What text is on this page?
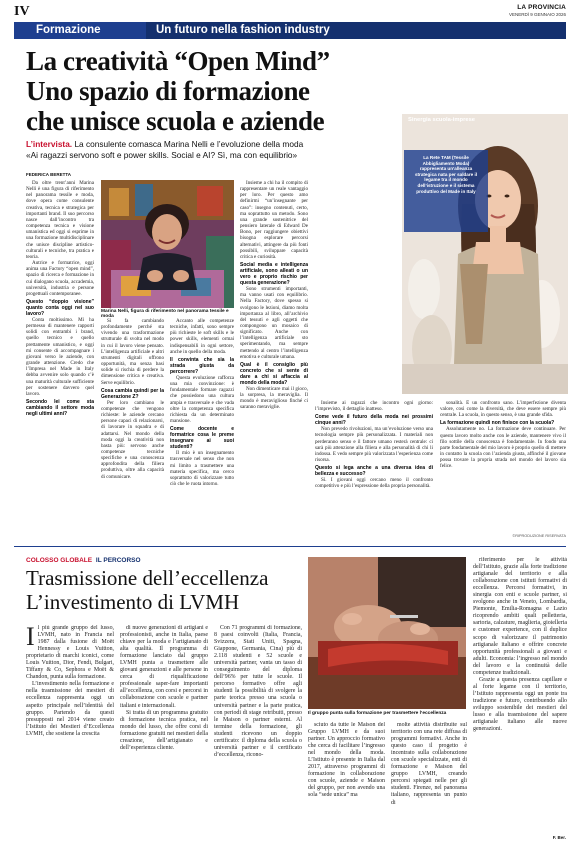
IV	LA PROVINCIA
VENERDÌ 9 GENNAIO 2026
Formazione	Un futuro nella fashion industry
La creatività “Open Mind”
Uno spazio di formazione
che unisce scuola e aziende
L’intervista. La consulente comasca Marina Nelli e l’evoluzione della moda
«Ai ragazzi servono soft e power skills. Social e AI? Sì, ma con equilibrio»
Sinergia scuola-imprese
La Rete TAM (Tessile Abbigliamento Moda) rappresenta un’alleanza strategica nata per saldare il legame tra il mondo dell’istruzione e il sistema produttivo del Made in Italy
FEDERICA BERETTA

Da oltre trent’anni Marina Nelli è una figura di riferimento nel panorama tessile e moda, dove opera come consulente creativa, tecnica e strategica per importanti brand. Il suo percorso nasce dall’incontro tra competenza tecnica e visione umanistica ed oggi si esprime in una formazione multidisciplinare che unisce discipline artistico-culturali e tecniche, tra pratica e teoria.

Autrice e formatrice, oggi anima una Factory “open mind”, spazio di ricerca e formazione in cui dialogano scuola, accademia, università, industria e persone progettuali contemporanee.

Questo “doppio visione” quanto conta oggi nel suo lavoro?

Conta moltissimo. Mi ha permesso di mantenere rapporti solidi con entrambi i brand, quello tecnico e quello prettamente umanistico, e oggi mi consente di accompagnare i giovani verso le aziende, con grande attenzione. Credo che l’Impresa nel Made in Italy debba avvenire solo quando c’è una maturità culturale sufficiente per sostenere davvero quel lavoro.

Secondo lei come sta cambiando il settore moda negli ultimi anni?

Marina Nelli, figura di riferimento nel panorama tessile e moda

Si fa cambiando profondamente perché sta vivendo una trasformazione strutturale di svolta nel modo in cui il lavoro viene pensato. L’intelligenza artificiale e altri strumenti digitali offrono opportunità, ma senza basi solide si rischia di perdere la dimensione critica e creativa. Serve equilibrio.

Cosa cambia quindi per la Generazione Z?

Per loro cambiano le competenze che vengono richieste: le aziende cercano persone capaci di relazionarsi, di lavorare in squadra e di adattarsi. Nel mondo della moda oggi la creatività non basta più: servono anche competenze tecniche specifiche e una conoscenza approfondita della filiera produttiva, oltre alla capacità di comunicare.

Accanto alle competenze tecniche, infatti, sono sempre più richieste le soft skills e le power skills, elementi ormai indispensabili in ogni settore, anche in quello della moda.

Il convinta che sia la strada giusta da percorrere?

Questa evoluzione rafforza una mia convinzione: è fondamentale formare ragazzi che possiedono una cultura ampia e trasversale e che vada oltre la competenza specifica richiesta da un determinato mansione.

Come docente e formatrice cosa le preme insegnare ai suoi studenti?

Il mio è un insegnamento trasversale nel senso che non mi limito a trasmettere una materia specifica, ma cerco soprattutto di valorizzare tutto ciò che le ruota intorno.

Insieme a chi ha il compito di rappresentare un reale vantaggio per loro. Per questo amo definirmi “un’insegnante per caso”: insegno contenuti, certo, ma soprattutto un metodo. Sono una grande sostenitrice del pensiero laterale di Edward De Bono, per raggiungere obiettivi bisogna esplorare percorsi alternativi, attingere da più fonti possibili, sviluppare capacità critica e curiosità.

Social media e intelligenza artificiale, sono alleati o un vero e proprio rischio per questa generazione?

Sono strumenti importanti, ma vanno usati con equilibrio. Nella Factory, dove spesso si svolgono le lezioni, diamo molta importanza al libro, all’archivio del tessuti e agli oggetti che compongono un mosaico di significato. Anche con l’intelligenza artificiale sto sperimentando, ma sempre mettendo al centro l’intelligenza emotiva e culturale umana.

Qual è il consiglio più concreto che si sente di dare a chi si affaccia al mondo della moda?

Non dimenticare mai il gioco, la sorpresa, la meraviglia. Il mondo è meraviglioso finché ci saranno meraviglie.

Insieme ai ragazzi che incontro ogni giorno: l’imprevisto, il dettaglio inatteso.

Come vede il futuro della moda nei prossimi cinque anni?

Non prevedo rivoluzioni, ma un’evoluzione verso una tecnologia sempre più personalizzata. I materiali non perderanno senso e il fattore umano resterà centrale: ci sarà più attenzione alla filiera e alla personalità di chi li indossa. E vedo sempre più valorizzata l’esperienza come risorsa.

Questo si lega anche a una diversa idea di bellezza e successo?

Sì. I giovani oggi cercano meno il confronto competitivo e più l’espressione della propria personalità.

sonalità. È un confronto sano. L’imperfezione diventa valore, così come la diversità, che deve essere sempre più centrale. La scuola, in questo senso, è una grande sfida.

La formazione quindi non finisce con la scuola?

Assolutamente no. La formazione deve continuare. Per questo lavoro molto anche con le aziende, mantenere vivo il filo sottile della conoscenza è fondamentale. In fondo una parte fondamentale del mio lavoro è proprio quello di mettere in contatto la scuola con l’azienda giusta, affinché il giovane possa trovare la propria strada nel mondo del lavoro sia felice.

©RIPRODUZIONE RISERVATA
COLOSSO GLOBALE IL PERCORSO
Trasmissione dell’eccellenza
L’investimento di LVMH
Il gruppo punta sulla formazione per trasmettere l’eccellenza

Il più grande gruppo del lusso, LVMH, nato in Francia nel 1987 dalla fusione di Moët Hennessy e Louis Vuitton, proprietario di marchi iconici, come Louis Vuitton, Dior, Fendi, Bulgari, Tiffany & Co, Sephora e Moët & Chandon, punta sulla formazione.

L’investimento nella formazione e nella trasmissione dei mestieri di eccellenza rappresenta oggi un aspetto principale nell’identità del gruppo. Partendo da questi presupposti nel 2014 viene creato l’Istituto dei Mestieri d’Eccellenza LVMH, che sostiene la crescita

di nuove generazioni di artigiani e professionisti, anche in Italia, paese chiave per la moda e l’artigianato di alta qualità. Il programma di formazione lanciato dal gruppo LVMH punta a trasmettere alle giovani generazioni e alle persone in cerca di riqualificazione professionale saper-fare importanti all’eccellenza, con corsi e percorsi in collaborazione con scuole e partner italiani e internazionali.

Si tratta di un programma gratuito di formazione tecnica pratica, nel mondo del lusso, che offre corsi di formazione gratuiti nei mestieri della creazione, dell’artigianato e dell’esperienza cliente.

Con 71 programmi di formazione, 8 paesi coinvolti (Italia, Francia, Svizzera, Stati Uniti, Spagna, Giappone, Germania, Cina) più di 2.118 studenti e 52 scuole e università partner, vanta un tasso di conseguimento del diploma dell’96% per tutte le scuole. Il percorso formativo offre agli studenti la possibilità di svolgere la parte teorica presso una scuola o università partner e la parte pratica, con periodi di stage retribuiti, presso le Maison o partner esterni. Al termine della formazione, gli studenti ricevono un doppio certificato: il diploma della scuola o università partner e il certificato d’eccellenza, ricono-

sciuto da tutte le Maison del Gruppo LVMH e da suoi partner. Un approccio formativo che cerca di facilitare l’ingresso nel mondo della moda. L’Istituto è presente in Italia dal 2017, attraverso programmi di formazione in collaborazione con scuole, aziende e Maison del gruppo, per non avendo una sola “sede unica” ma

molte attività distribuite sul territorio con una rete diffusa di programmi formativi. Anche in questo caso il progetto è incentrato sulla collaborazione con scuole specializzate, enti di formazione e Maison del gruppo LVMH, creando percorsi spiegati nelle per gli studenti. Firenze, nel panorama italiano, rappresenta un punto di

riferimento per le attività dell’Istituto, grazie alla forte tradizione artigianale del territorio e alla collaborazione con istituti formativi di eccellenza. Percorsi formativi, in sinergia con enti e scuole partner, si svolgono anche in Veneto, Lombardia, Piemonte, Emilia-Romagna e Lazio ricoprendo ambiti quali pelletteria, sartoria, calzature, maglieria, gioielleria e customer experience, con il duplice scopo di valorizzare il patrimonio artigianale italiano e offrire concrete opportunità professionali a giovani e adulti. Economia: l’ingresso nel mondo del lavoro e la continuità delle competenze tradizionali.

Grazie a questa presenza capillare e al forte legame con il territorio, l’Istituto rappresenta oggi un ponte tra tradizione e futuro, contribuendo allo sviluppo sostenibile dei mestieri del lusso e alla trasmissione del sapere artigianale italiano alle nuove generazioni.

F. Ber.
